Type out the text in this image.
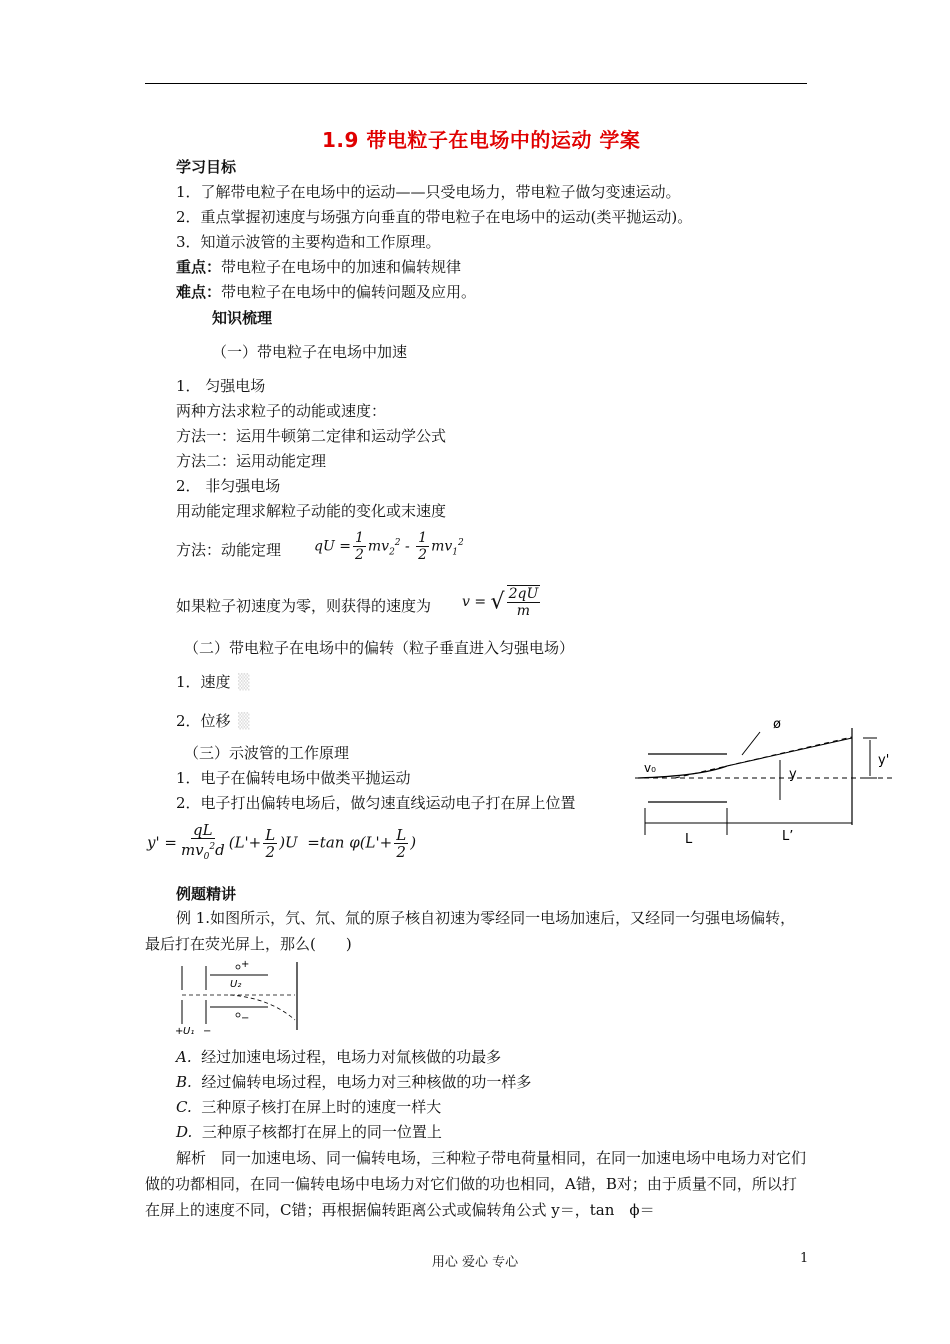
1.9 带电粒子在电场中的运动 学案
学习目标
1．了解带电粒子在电场中的运动——只受电场力，带电粒子做匀变速运动。
2．重点掌握初速度与场强方向垂直的带电粒子在电场中的运动(类平抛运动)。
3．知道示波管的主要构造和工作原理。
重点：带电粒子在电场中的加速和偏转规律
难点：带电粒子在电场中的偏转问题及应用。
知识梳理
（一）带电粒子在电场中加速
1． 匀强电场
两种方法求粒子的动能或速度：
方法一：运用牛顿第二定律和运动学公式
方法二：运用动能定理
2． 非匀强电场
用动能定理求解粒子动能的变化或末速度
方法：动能定理 qU = $\frac{1}{2} mv_2^2 - \frac{1}{2} mv_1^2$
如果粒子初速度为零，则获得的速度为 v = √ $\frac{2qU}{m}$
（二）带电粒子在电场中的偏转（粒子垂直进入匀强电场）
1．速度 ▒
2．位移 ▒
（三）示波管的工作原理
1．电子在偏转电场中做类平抛运动
2．电子打出偏转电场后，做匀速直线运动电子打在屏上位置
$y' = \frac{qL}{mv_0^2d} (L'+ \frac{L}{2} )U =\tan$ $\varphi(L'+ \frac{L}{2}$ )
ø
v₀	y
y'
L	L’
例题精讲
例 1.如图所示，氕、氘、氚的原子核自初速为零经同一电场加速后，又经同一匀强电场偏转，最后打在荧光屏上，那么(　　)
+
−
U₂
U₁
+ −
A. 经过加速电场过程，电场力对氚核做的功最多
B. 经过偏转电场过程，电场力对三种核做的功一样多
C. 三种原子核打在屏上时的速度一样大
D. 三种原子核都打在屏上的同一位置上
解析　同一加速电场、同一偏转电场，三种粒子带电荷量相同，在同一加速电场中电场力对它们做的功都相同，在同一偏转电场中电场力对它们做的功也相同，A错，B对；由于质量不同，所以打在屏上的速度不同，C错；再根据偏转距离公式或偏转角公式 y＝，tan　ϕ＝
用心 爱心 专心	1
